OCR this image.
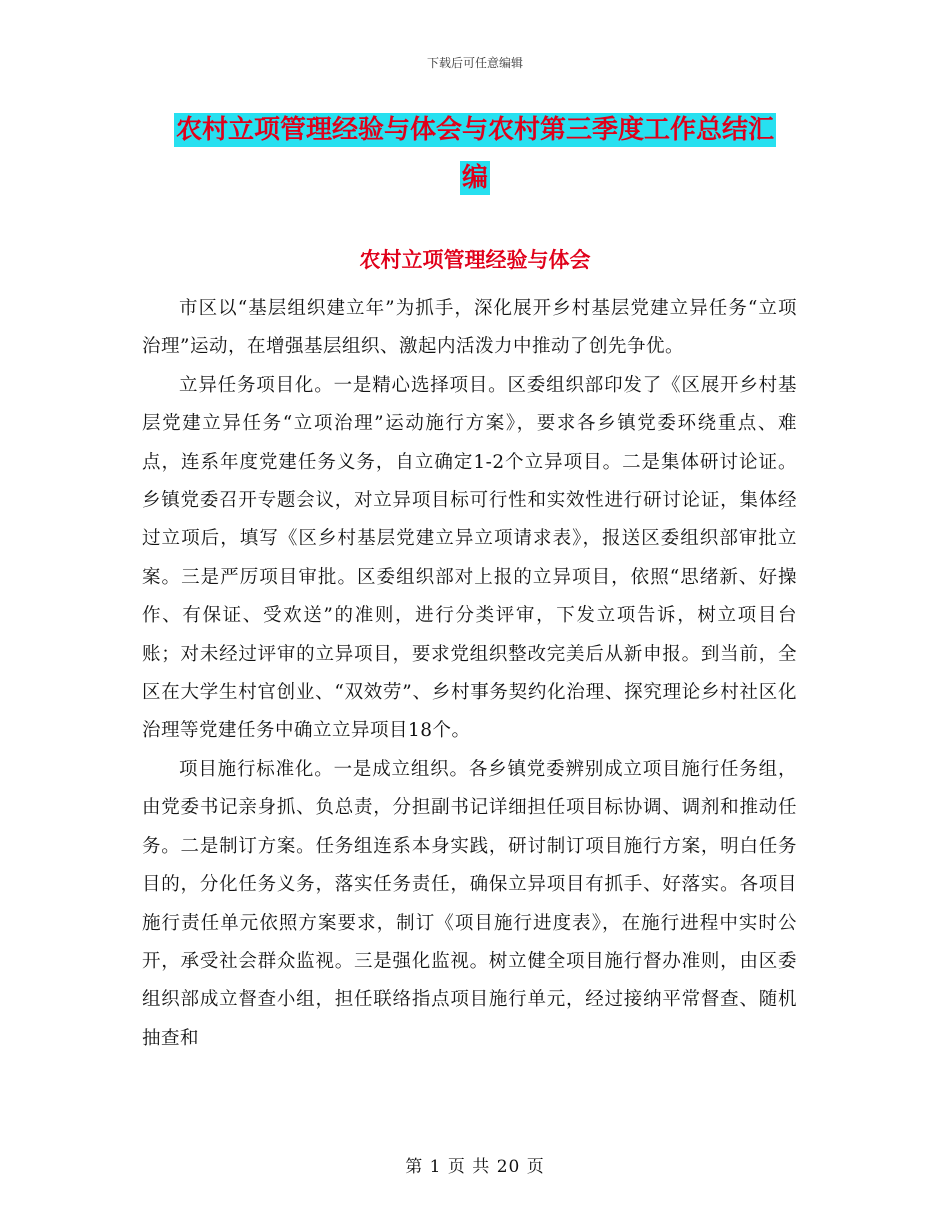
下载后可任意编辑
农村立项管理经验与体会与农村第三季度工作总结汇
编
农村立项管理经验与体会

市区以“基层组织建立年”为抓手，深化展开乡村基层党建立异任务“立项治理”运动，在增强基层组织、激起内活泼力中推动了创先争优。

立异任务项目化。一是精心选择项目。区委组织部印发了《区展开乡村基层党建立异任务“立项治理”运动施行方案》，要求各乡镇党委环绕重点、难点，连系年度党建任务义务，自立确定1-2个立异项目。二是集体研讨论证。乡镇党委召开专题会议，对立异项目标可行性和实效性进行研讨论证，集体经过立项后，填写《区乡村基层党建立异立项请求表》，报送区委组织部审批立案。三是严厉项目审批。区委组织部对上报的立异项目，依照“思绪新、好操作、有保证、受欢送”的准则，进行分类评审，下发立项告诉，树立项目台账；对未经过评审的立异项目，要求党组织整改完美后从新申报。到当前，全区在大学生村官创业、“双效劳”、乡村事务契约化治理、探究理论乡村社区化治理等党建任务中确立立异项目18个。

项目施行标准化。一是成立组织。各乡镇党委辨别成立项目施行任务组，由党委书记亲身抓、负总责，分担副书记详细担任项目标协调、调剂和推动任务。二是制订方案。任务组连系本身实践，研讨制订项目施行方案，明白任务目的，分化任务义务，落实任务责任，确保立异项目有抓手、好落实。各项目施行责任单元依照方案要求，制订《项目施行进度表》，在施行进程中实时公开，承受社会群众监视。三是强化监视。树立健全项目施行督办准则，由区委组织部成立督查小组，担任联络指点项目施行单元，经过接纳平常督查、随机抽查和

第 1 页 共 20 页
